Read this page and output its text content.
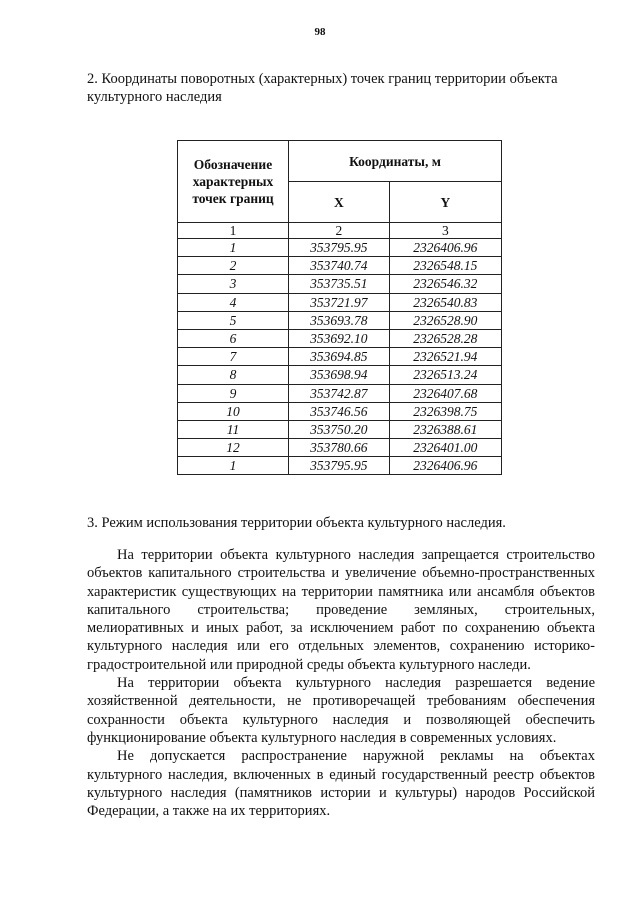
98
2. Координаты поворотных (характерных) точек границ территории объекта культурного наследия
Обозначение характерных точек границ	Координаты, м	
	X	Y
1	2	3
1	353795.95	2326406.96
2	353740.74	2326548.15
3	353735.51	2326546.32
4	353721.97	2326540.83
5	353693.78	2326528.90
6	353692.10	2326528.28
7	353694.85	2326521.94
8	353698.94	2326513.24
9	353742.87	2326407.68
10	353746.56	2326398.75
11	353750.20	2326388.61
12	353780.66	2326401.00
1	353795.95	2326406.96
3. Режим использования территории объекта культурного наследия.

На территории объекта культурного наследия запрещается строительство объектов капитального строительства и увеличение объемно-пространственных характеристик существующих на территории памятника или ансамбля объектов капитального строительства; проведение земляных, строительных, мелиоративных и иных работ, за исключением работ по сохранению объекта культурного наследия или его отдельных элементов, сохранению историко-градостроительной или природной среды объекта культурного наследи.

На территории объекта культурного наследия разрешается ведение хозяйственной деятельности, не противоречащей требованиям обеспечения сохранности объекта культурного наследия и позволяющей обеспечить функционирование объекта культурного наследия в современных условиях.

Не допускается распространение наружной рекламы на объектах культурного наследия, включенных в единый государственный реестр объектов культурного наследия (памятников истории и культуры) народов Российской Федерации, а также на их территориях.
